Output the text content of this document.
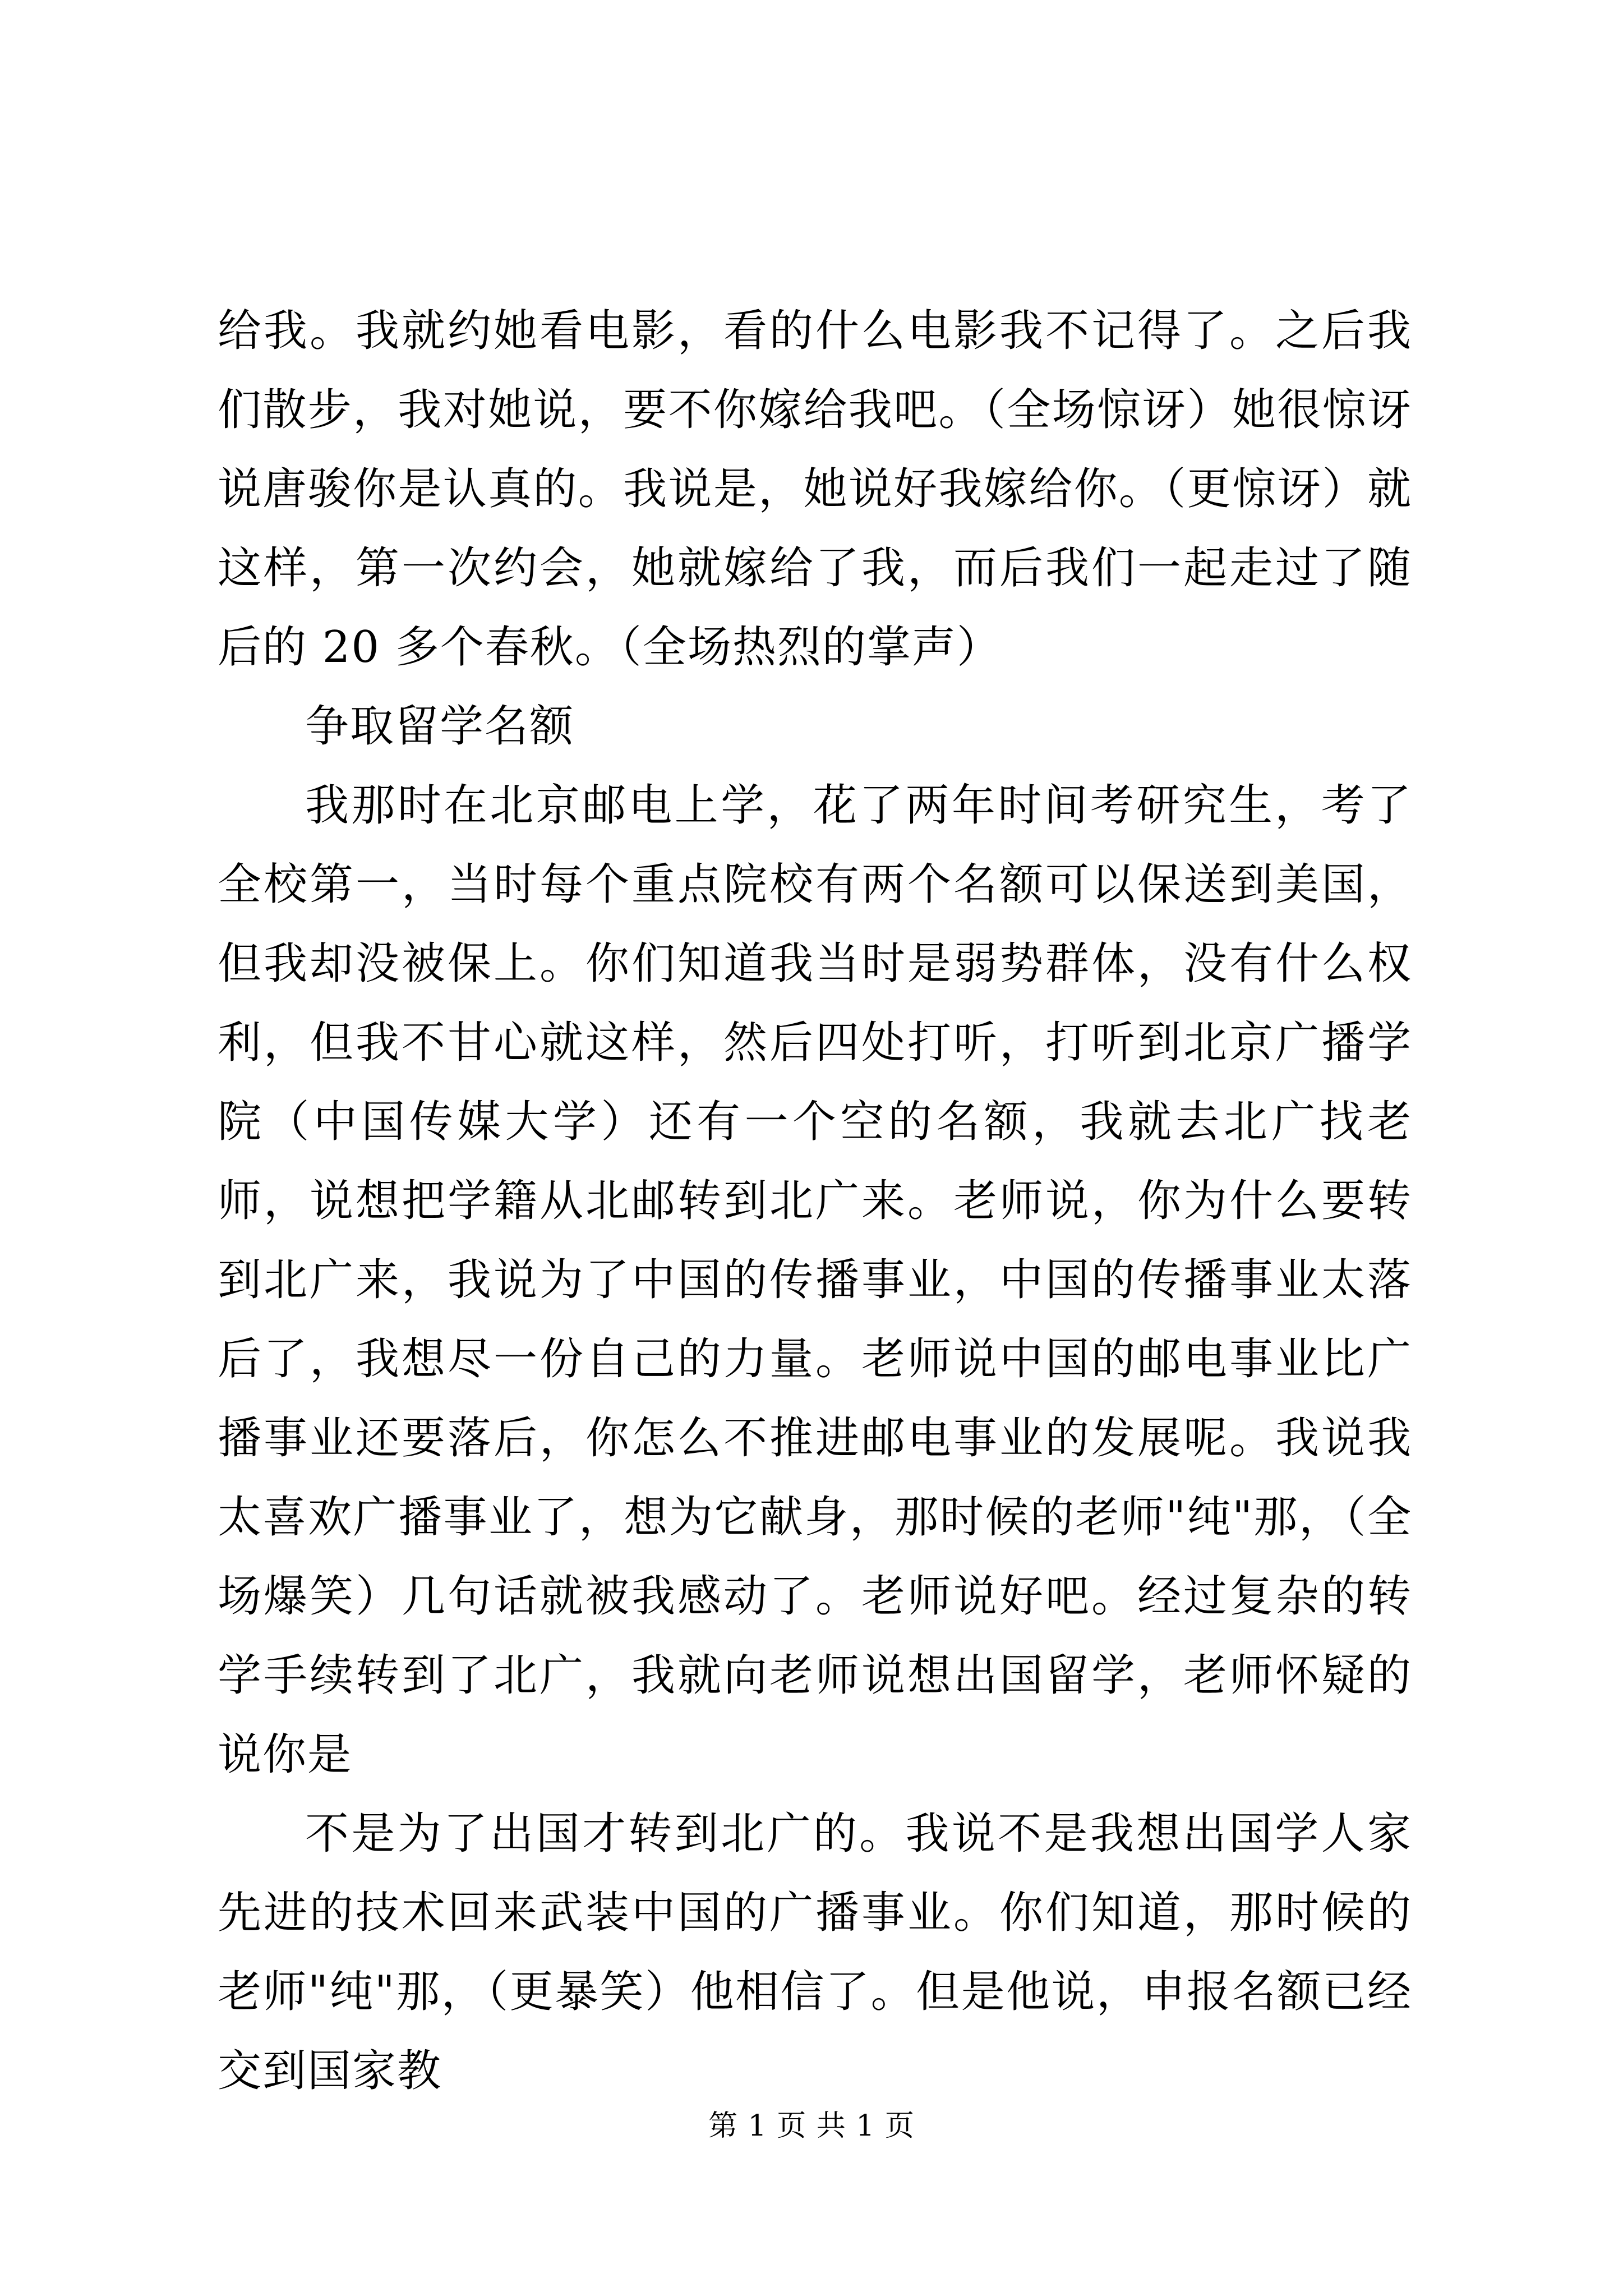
给我。我就约她看电影，看的什么电影我不记得了。之后我们散步，我对她说，要不你嫁给我吧。（全场惊讶）她很惊讶说唐骏你是认真的。我说是，她说好我嫁给你。（更惊讶）就这样，第一次约会，她就嫁给了我，而后我们一起走过了随后的 20 多个春秋。（全场热烈的掌声）

争取留学名额

我那时在北京邮电上学，花了两年时间考研究生，考了全校第一，当时每个重点院校有两个名额可以保送到美国，但我却没被保上。你们知道我当时是弱势群体，没有什么权利，但我不甘心就这样，然后四处打听，打听到北京广播学院（中国传媒大学）还有一个空的名额，我就去北广找老师，说想把学籍从北邮转到北广来。老师说，你为什么要转到北广来，我说为了中国的传播事业，中国的传播事业太落后了，我想尽一份自己的力量。老师说中国的邮电事业比广播事业还要落后，你怎么不推进邮电事业的发展呢。我说我太喜欢广播事业了，想为它献身，那时候的老师"纯"那，（全场爆笑）几句话就被我感动了。老师说好吧。经过复杂的转学手续转到了北广，我就向老师说想出国留学，老师怀疑的说你是

不是为了出国才转到北广的。我说不是我想出国学人家先进的技术回来武装中国的广播事业。你们知道，那时候的老师"纯"那，（更暴笑）他相信了。但是他说，申报名额已经交到国家教

第 1 页 共 1 页
